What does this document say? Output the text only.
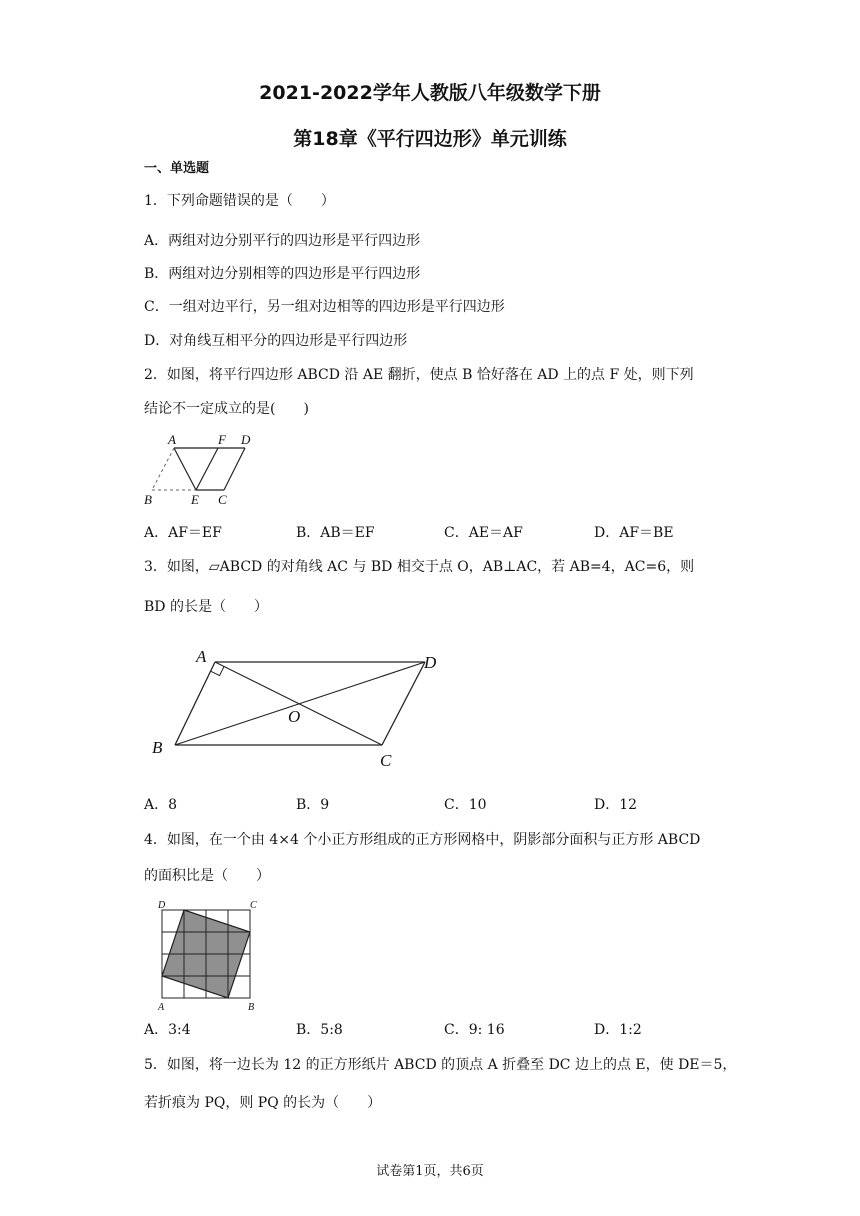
2021-2022学年人教版八年级数学下册
第18章《平行四边形》单元训练
一、单选题
1．下列命题错误的是（　　）
A．两组对边分别平行的四边形是平行四边形
B．两组对边分别相等的四边形是平行四边形
C．一组对边平行，另一组对边相等的四边形是平行四边形
D．对角线互相平分的四边形是平行四边形
2．如图，将平行四边形 ABCD 沿 AE 翻折，使点 B 恰好落在 AD 上的点 F 处，则下列
结论不一定成立的是(　　)
A	F D
B	E C
A．AF＝EF	B．AB＝EF	C．AE＝AF	D．AF＝BE
3．如图，▱ABCD 的对角线 AC 与 BD 相交于点 O，AB⊥AC，若 AB=4，AC=6，则
BD 的长是（　　）
A	D
O
B
C
A．8	B．9	C．10	D．12
4．如图，在一个由 4×4 个小正方形组成的正方形网格中，阴影部分面积与正方形 ABCD
的面积比是（　　）
D	C
A	B
A．3:4	B．5:8	C．9: 16	D．1:2
5．如图，将一边长为 12 的正方形纸片 ABCD 的顶点 A 折叠至 DC 边上的点 E，使 DE＝5，
若折痕为 PQ，则 PQ 的长为（　　）
试卷第1页，共6页
